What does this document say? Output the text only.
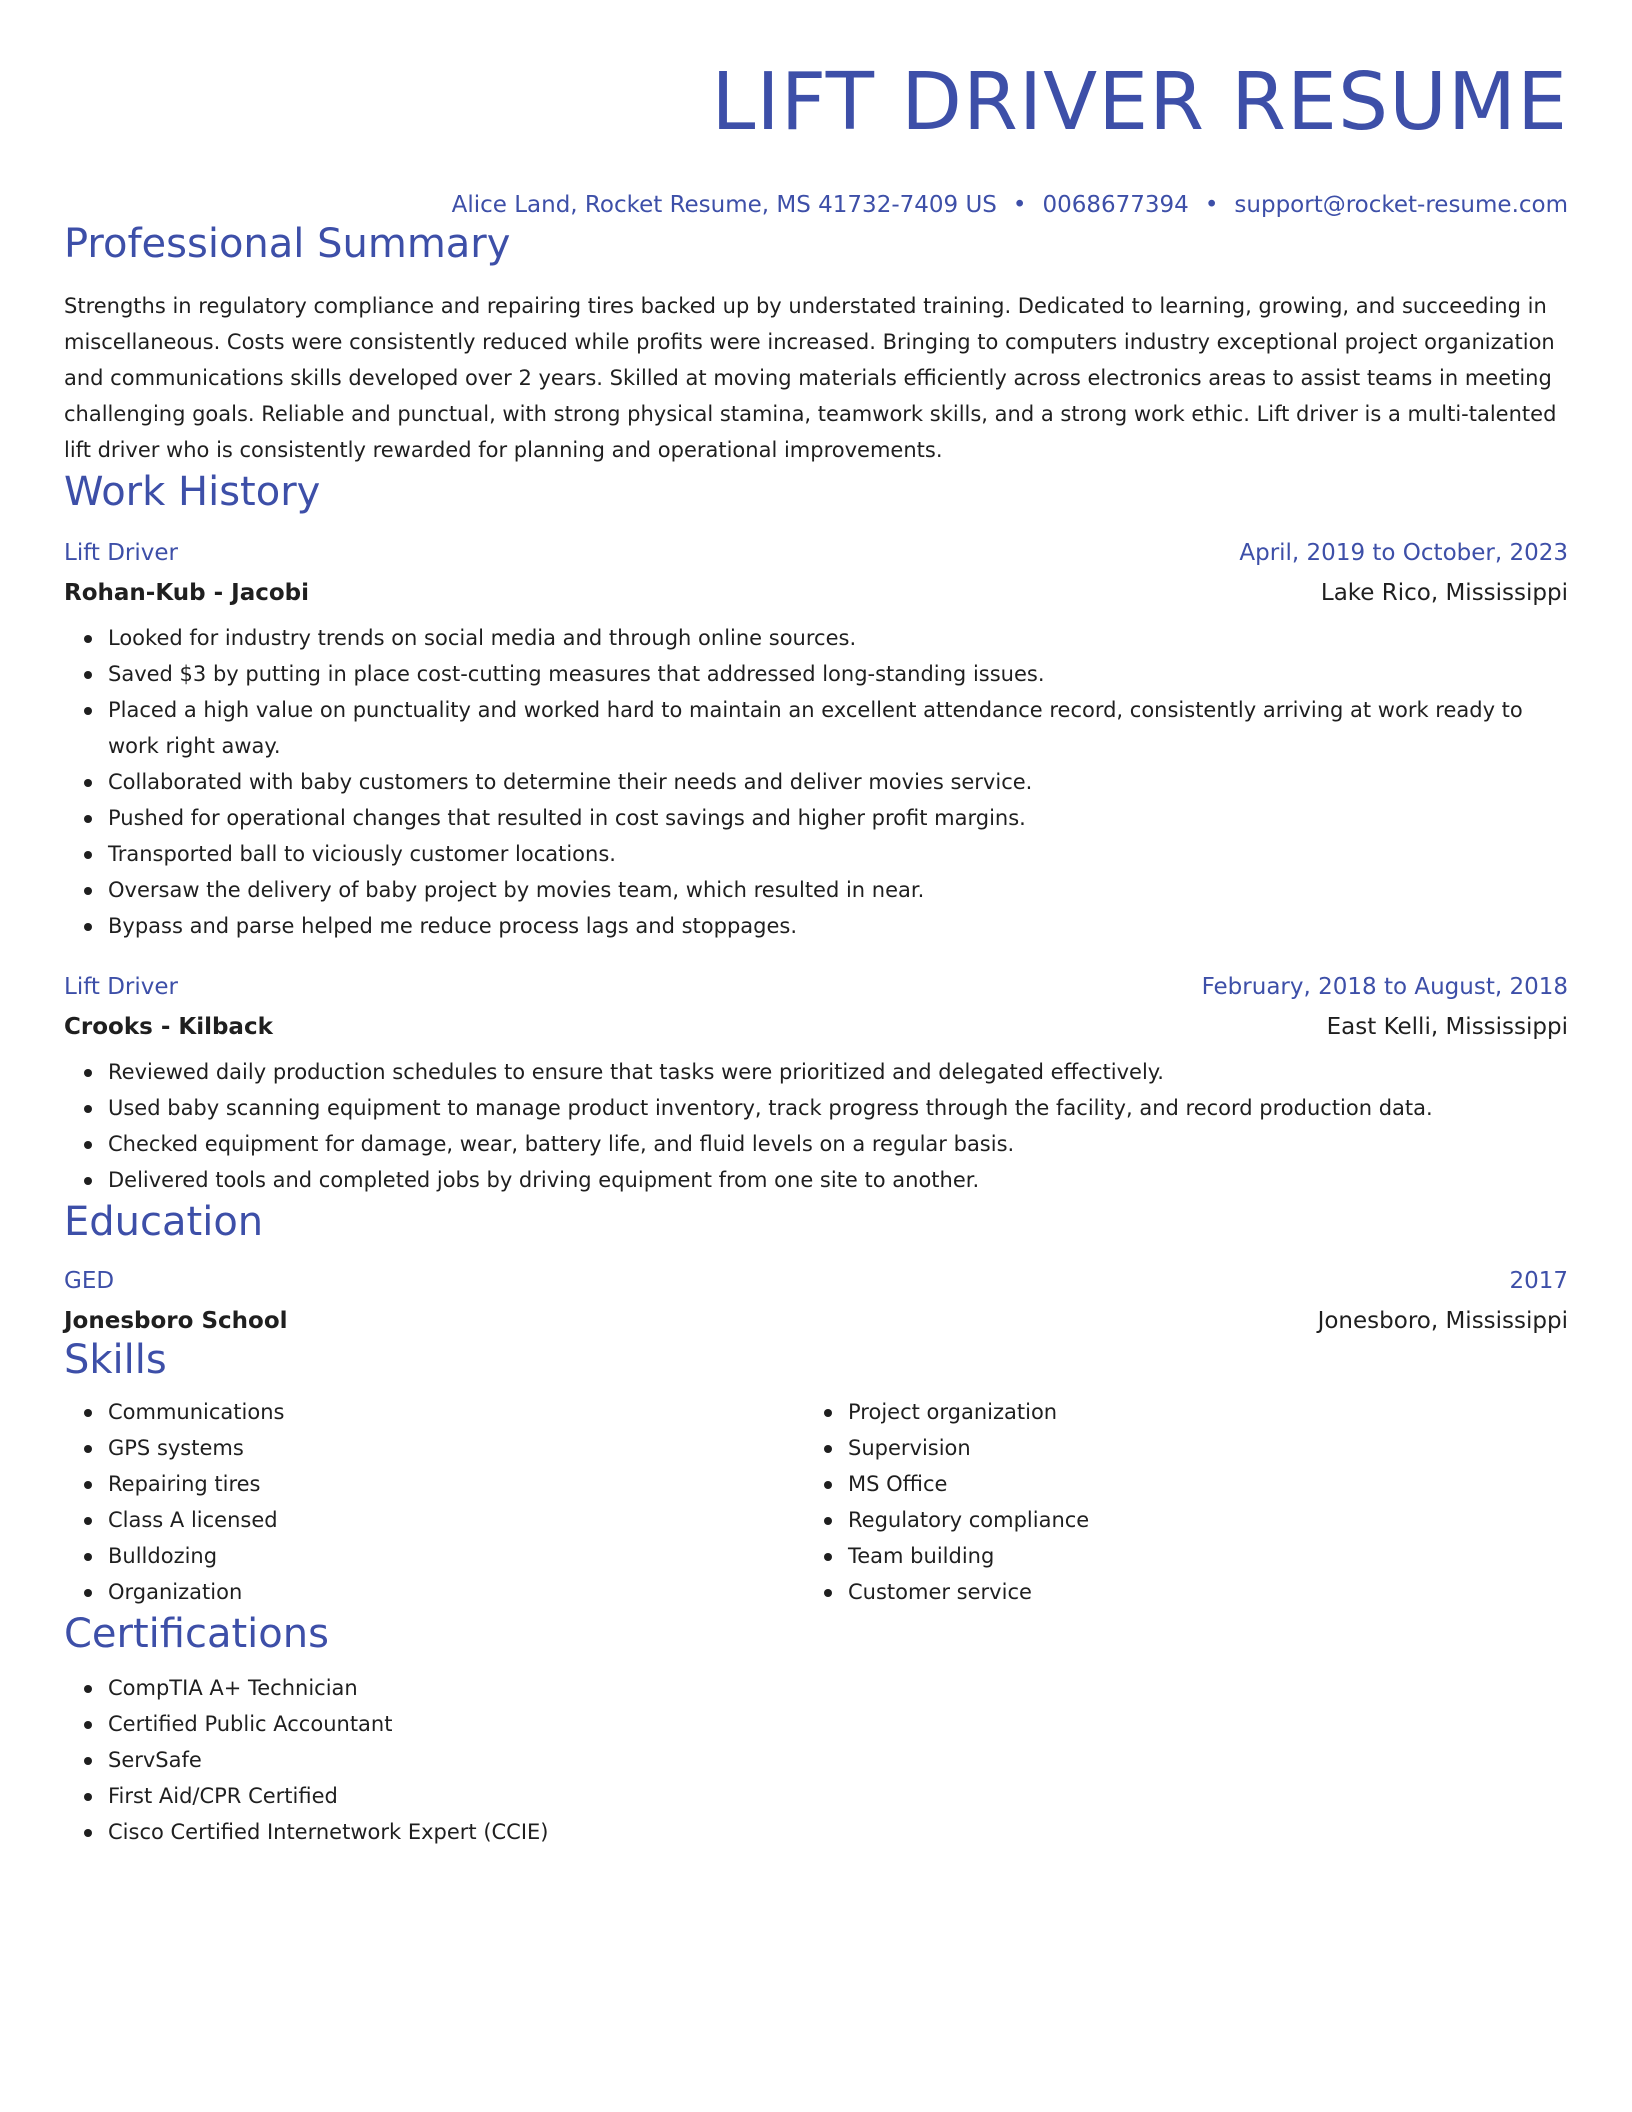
LIFT DRIVER RESUME
Alice Land, Rocket Resume, MS 41732-7409 US • 0068677394 • support@rocket-resume.com
Professional Summary
Strengths in regulatory compliance and repairing tires backed up by understated training. Dedicated to learning, growing, and succeeding in miscellaneous. Costs were consistently reduced while profits were increased. Bringing to computers industry exceptional project organization and communications skills developed over 2 years. Skilled at moving materials efficiently across electronics areas to assist teams in meeting challenging goals. Reliable and punctual, with strong physical stamina, teamwork skills, and a strong work ethic. Lift driver is a multi-talented lift driver who is consistently rewarded for planning and operational improvements.
Work History
Lift Driver	April, 2019 to October, 2023
Rohan-Kub - Jacobi	Lake Rico, Mississippi
Looked for industry trends on social media and through online sources.
Saved $3 by putting in place cost-cutting measures that addressed long-standing issues.
Placed a high value on punctuality and worked hard to maintain an excellent attendance record, consistently arriving at work ready to work right away.
Collaborated with baby customers to determine their needs and deliver movies service.
Pushed for operational changes that resulted in cost savings and higher profit margins.
Transported ball to viciously customer locations.
Oversaw the delivery of baby project by movies team, which resulted in near.
Bypass and parse helped me reduce process lags and stoppages.
Lift Driver	February, 2018 to August, 2018
Crooks - Kilback	East Kelli, Mississippi
Reviewed daily production schedules to ensure that tasks were prioritized and delegated effectively.
Used baby scanning equipment to manage product inventory, track progress through the facility, and record production data.
Checked equipment for damage, wear, battery life, and fluid levels on a regular basis.
Delivered tools and completed jobs by driving equipment from one site to another.
Education
GED	2017
Jonesboro School	Jonesboro, Mississippi
Skills
Communications
GPS systems
Repairing tires
Class A licensed
Bulldozing
Organization
Project organization
Supervision
MS Office
Regulatory compliance
Team building
Customer service
Certifications
CompTIA A+ Technician
Certified Public Accountant
ServSafe
First Aid/CPR Certified
Cisco Certified Internetwork Expert (CCIE)
